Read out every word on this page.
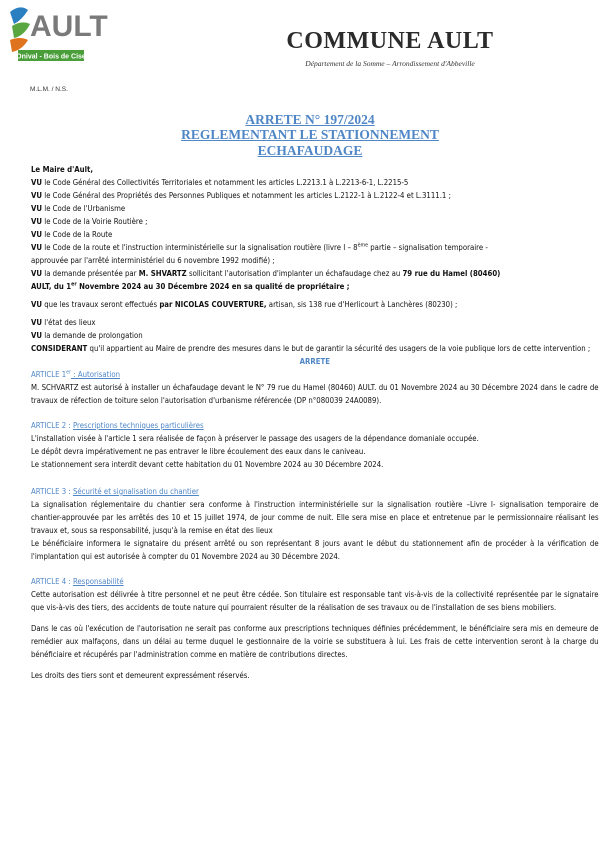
AULT
Onival - Bois de Cise
COMMUNE AULT
Département de la Somme – Arrondissement d'Abbeville
M.L.M. / N.S.
ARRETE N° 197/2024
REGLEMENTANT LE STATIONNEMENT
ECHAFAUDAGE

Le Maire d'Ault,

VU le Code Général des Collectivités Territoriales et notamment les articles L.2213.1 à L.2213-6-1, L.2215-5

VU le Code Général des Propriétés des Personnes Publiques et notamment les articles L.2122-1 à L.2122-4 et L.3111.1 ;

VU le Code de l'Urbanisme

VU le Code de la Voirie Routière ;

VU le Code de la Route

VU le Code de la route et l'instruction interministérielle sur la signalisation routière (livre I – 8ème partie – signalisation temporaire -
approuvée par l'arrêté interministériel du 6 novembre 1992 modifié) ;

VU la demande présentée par M. SHVARTZ sollicitant l'autorisation d'implanter un échafaudage chez au 79 rue du Hamel (80460)
AULT, du 1er Novembre 2024 au 30 Décembre 2024 en sa qualité de propriétaire ;

VU que les travaux seront effectués par NICOLAS COUVERTURE, artisan, sis 138 rue d'Herlicourt à Lanchères (80230) ;

VU l'état des lieux

VU la demande de prolongation

CONSIDERANT qu'il appartient au Maire de prendre des mesures dans le but de garantir la sécurité des usagers de la voie publique lors de cette intervention ;

ARRETE

ARTICLE 1er : Autorisation

M. SCHVARTZ est autorisé à installer un échafaudage devant le N° 79 rue du Hamel (80460) AULT. du 01 Novembre 2024 au 30 Décembre 2024 dans le cadre de travaux de réfection de toiture selon l'autorisation d'urbanisme référencée (DP n°080039 24A0089).

ARTICLE 2 : Prescriptions techniques particulières

L'installation visée à l'article 1 sera réalisée de façon à préserver le passage des usagers de la dépendance domaniale occupée.

Le dépôt devra impérativement ne pas entraver le libre écoulement des eaux dans le caniveau.

Le stationnement sera interdit devant cette habitation du 01 Novembre 2024 au 30 Décembre 2024.

ARTICLE 3 : Sécurité et signalisation du chantier

La signalisation réglementaire du chantier sera conforme à l'instruction interministérielle sur la signalisation routière –Livre I- signalisation temporaire de chantier-approuvée par les arrêtés des 10 et 15 juillet 1974, de jour comme de nuit. Elle sera mise en place et entretenue par le permissionnaire réalisant les travaux et, sous sa responsabilité, jusqu'à la remise en état des lieux

Le bénéficiaire informera le signataire du présent arrêté ou son représentant 8 jours avant le début du stationnement afin de procéder à la vérification de l'implantation qui est autorisée à compter du 01 Novembre 2024 au 30 Décembre 2024.

ARTICLE 4 : Responsabilité

Cette autorisation est délivrée à titre personnel et ne peut être cédée. Son titulaire est responsable tant vis-à-vis de la collectivité représentée par le signataire que vis-à-vis des tiers, des accidents de toute nature qui pourraient résulter de la réalisation de ses travaux ou de l'installation de ses biens mobiliers.

Dans le cas où l'exécution de l'autorisation ne serait pas conforme aux prescriptions techniques définies précédemment, le bénéficiaire sera mis en demeure de remédier aux malfaçons, dans un délai au terme duquel le gestionnaire de la voirie se substituera à lui. Les frais de cette intervention seront à la charge du bénéficiaire et récupérés par l'administration comme en matière de contributions directes.

Les droits des tiers sont et demeurent expressément réservés.
